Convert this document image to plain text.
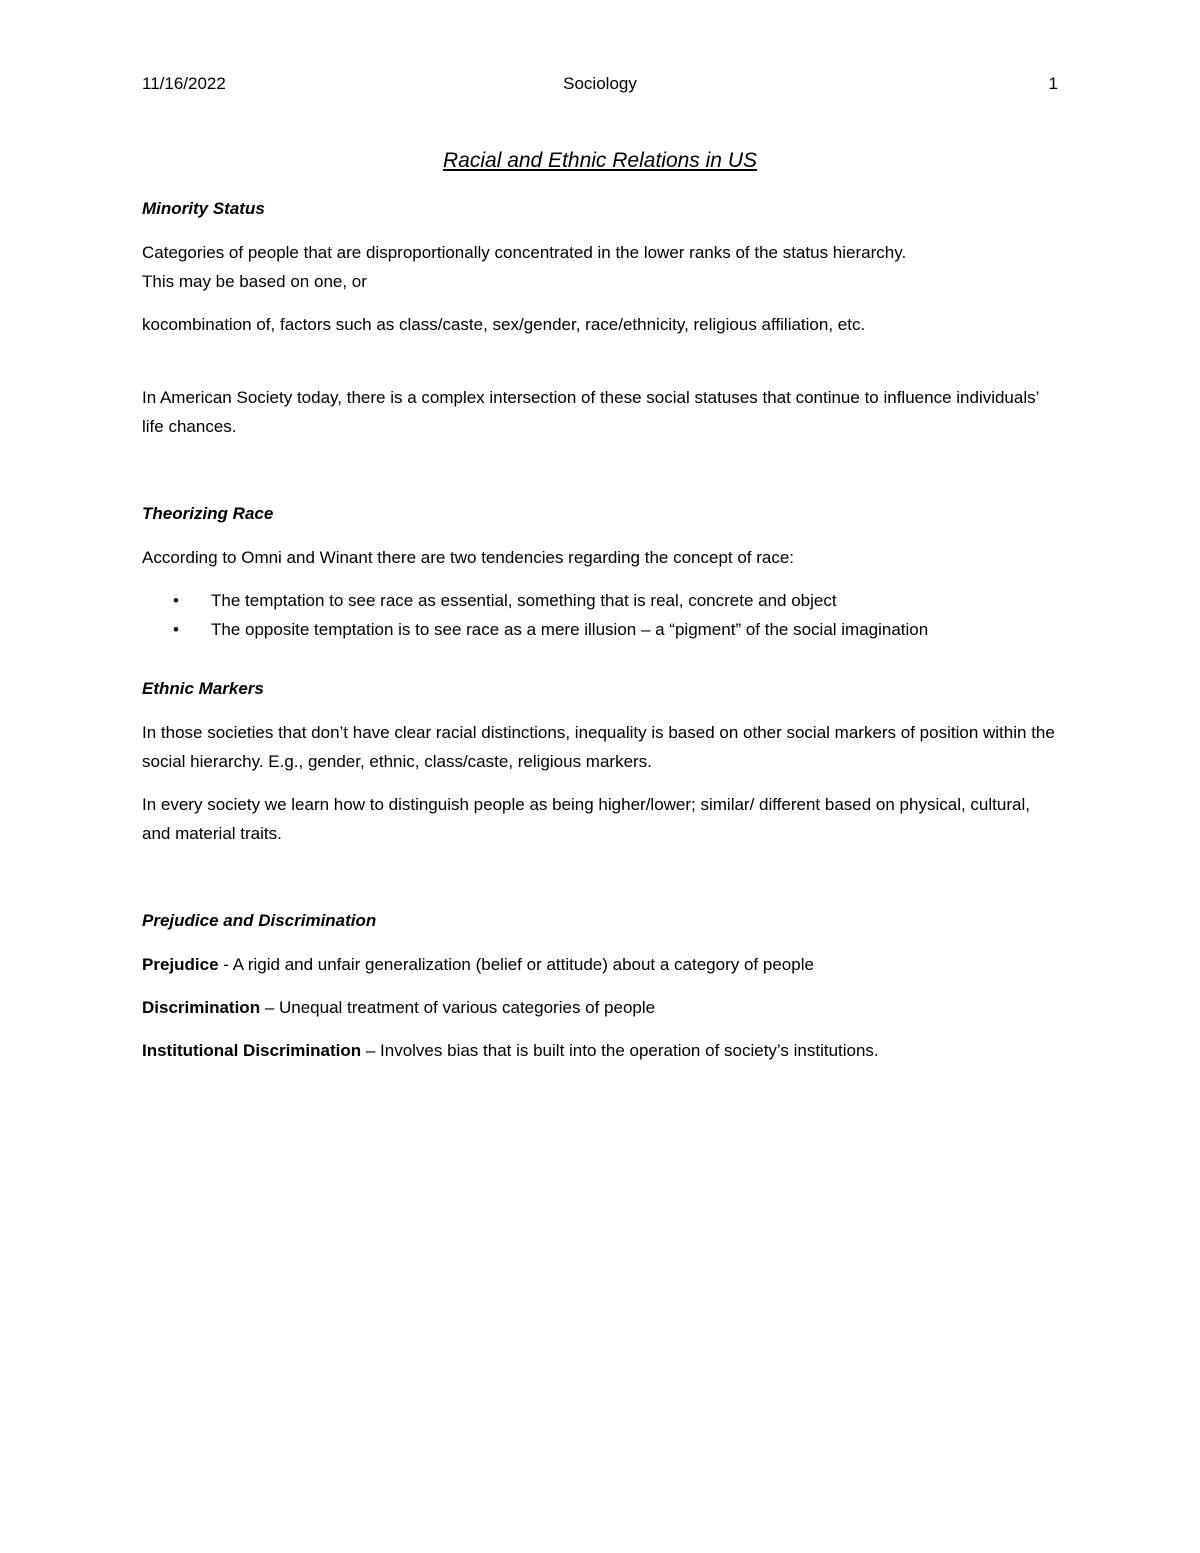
11/16/2022	Sociology	1
Racial and Ethnic Relations in US
Minority Status

Categories of people that are disproportionally concentrated in the lower ranks of the status hierarchy.
This may be based on one, or

kocombination of, factors such as class/caste, sex/gender, race/ethnicity, religious affiliation, etc.

In American Society today, there is a complex intersection of these social statuses that continue to influence individuals’ life chances.

Theorizing Race

According to Omni and Winant there are two tendencies regarding the concept of race:

• The temptation to see race as essential, something that is real, concrete and object
• The opposite temptation is to see race as a mere illusion – a “pigment” of the social imagination
Ethnic Markers

In those societies that don’t have clear racial distinctions, inequality is based on other social markers of position within the social hierarchy. E.g., gender, ethnic, class/caste, religious markers.

In every society we learn how to distinguish people as being higher/lower; similar/ different based on physical, cultural, and material traits.

Prejudice and Discrimination

Prejudice - A rigid and unfair generalization (belief or attitude) about a category of people

Discrimination – Unequal treatment of various categories of people

Institutional Discrimination – Involves bias that is built into the operation of society’s institutions.
